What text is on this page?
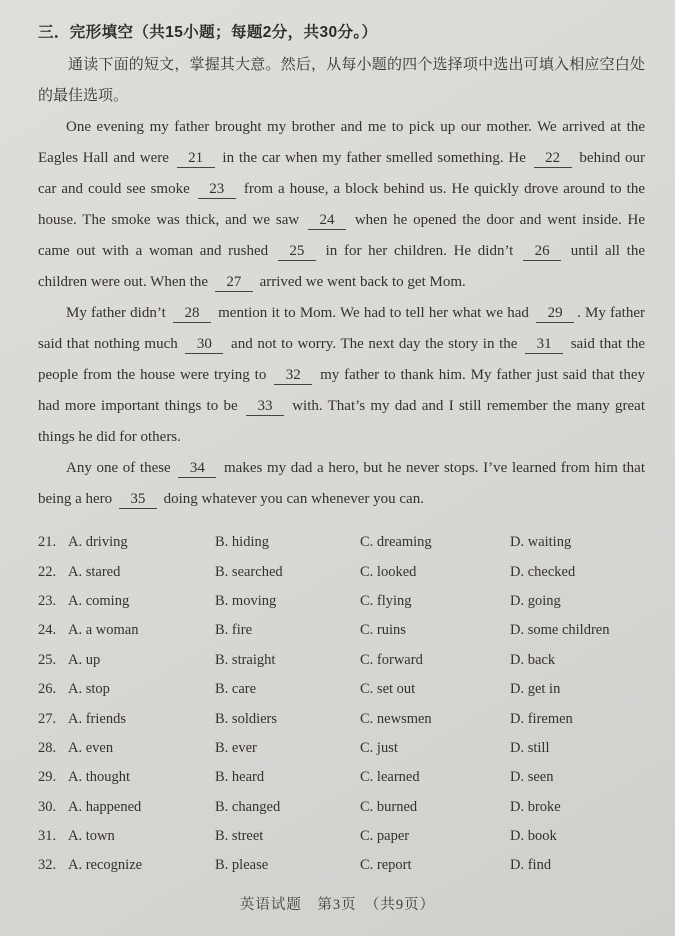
三．完形填空（共15小题；每题2分，共30分。）

通读下面的短文，掌握其大意。然后，从每小题的四个选择项中选出可填入相应空白处的最佳选项。

One evening my father brought my brother and me to pick up our mother. We arrived at the Eagles Hall and were 21 in the car when my father smelled something. He 22 behind our car and could see smoke 23 from a house, a block behind us. He quickly drove around to the house. The smoke was thick, and we saw 24 when he opened the door and went inside. He came out with a woman and rushed 25 in for her children. He didn’t 26 until all the children were out. When the 27 arrived we went back to get Mom.

My father didn’t 28 mention it to Mom. We had to tell her what we had 29 . My father said that nothing much 30 and not to worry. The next day the story in the 31 said that the people from the house were trying to 32 my father to thank him. My father just said that they had more important things to be 33 with. That’s my dad and I still remember the many great things he did for others.

Any one of these 34 makes my dad a hero, but he never stops. I’ve learned from him that being a hero 35 doing whatever you can whenever you can.

21. A. driving	B. hiding	C. dreaming	D. waiting
22. A. stared	B. searched	C. looked	D. checked
23. A. coming	B. moving	C. flying	D. going
24. A. a woman	B. fire	C. ruins	D. some children
25. A. up	B. straight	C. forward	D. back
26. A. stop	B. care	C. set out	D. get in
27. A. friends	B. soldiers	C. newsmen	D. firemen
28. A. even	B. ever	C. just	D. still
29. A. thought	B. heard	C. learned	D. seen
30. A. happened	B. changed	C. burned	D. broke
31. A. town	B. street	C. paper	D. book
32. A. recognize	B. please	C. report	D. find
英语试题　第3页　（共9页）
